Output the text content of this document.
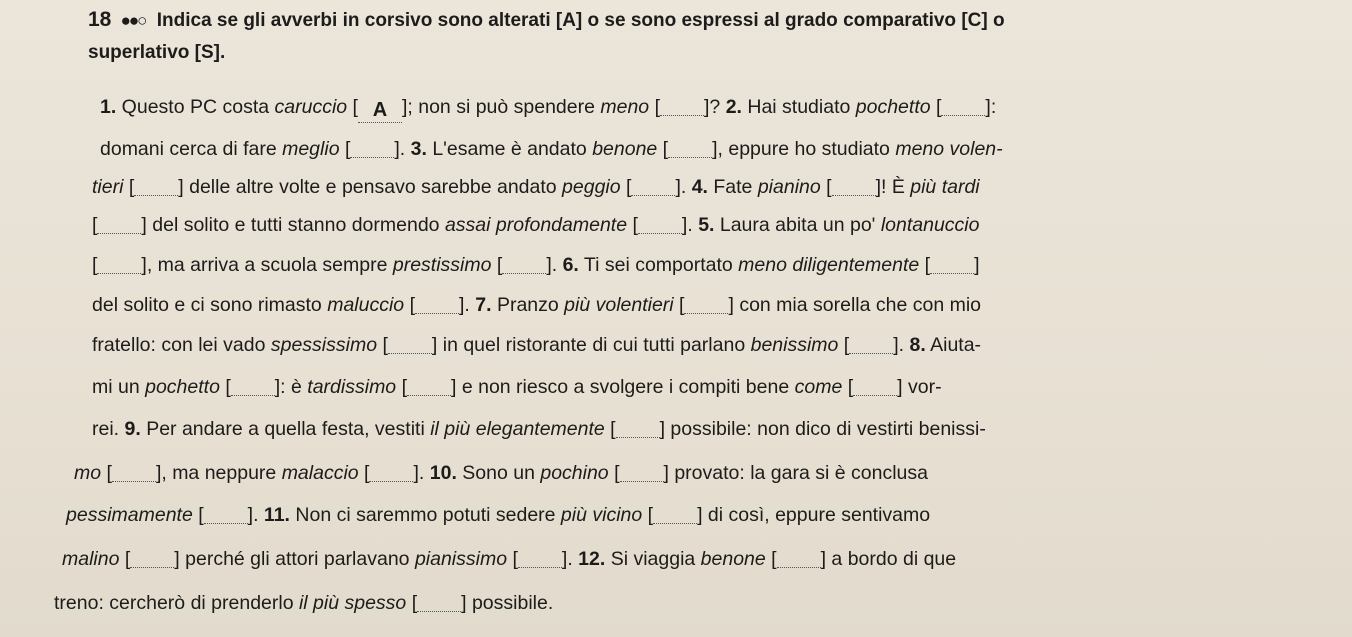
18 ●●○ Indica se gli avverbi in corsivo sono alterati [A] o se sono espressi al grado comparativo [C] o
superlativo [S].
1. Questo PC costa caruccio [ A ]; non si può spendere meno [ ]? 2. Hai studiato pochetto [ ]:
domani cerca di fare meglio [ ]. 3. L'esame è andato benone [ ], eppure ho studiato meno volen-
tieri [ ] delle altre volte e pensavo sarebbe andato peggio [ ]. 4. Fate pianino [ ]! È più tardi
[ ] del solito e tutti stanno dormendo assai profondamente [ ]. 5. Laura abita un po' lontanuccio
[ ], ma arriva a scuola sempre prestissimo [ ]. 6. Ti sei comportato meno diligentemente [ ]
del solito e ci sono rimasto maluccio [ ]. 7. Pranzo più volentieri [ ] con mia sorella che con mio
fratello: con lei vado spessissimo [ ] in quel ristorante di cui tutti parlano benissimo [ ]. 8. Aiuta-
mi un pochetto [ ]: è tardissimo [ ] e non riesco a svolgere i compiti bene come [ ] vor-
rei. 9. Per andare a quella festa, vestiti il più elegantemente [ ] possibile: non dico di vestirti benissi-
mo [ ], ma neppure malaccio [ ]. 10. Sono un pochino [ ] provato: la gara si è conclusa
pessimamente [ ]. 11. Non ci saremmo potuti sedere più vicino [ ] di così, eppure sentivamo
malino [ ] perché gli attori parlavano pianissimo [ ]. 12. Si viaggia benone [ ] a bordo di que
treno: cercherò di prenderlo il più spesso [ ] possibile.
